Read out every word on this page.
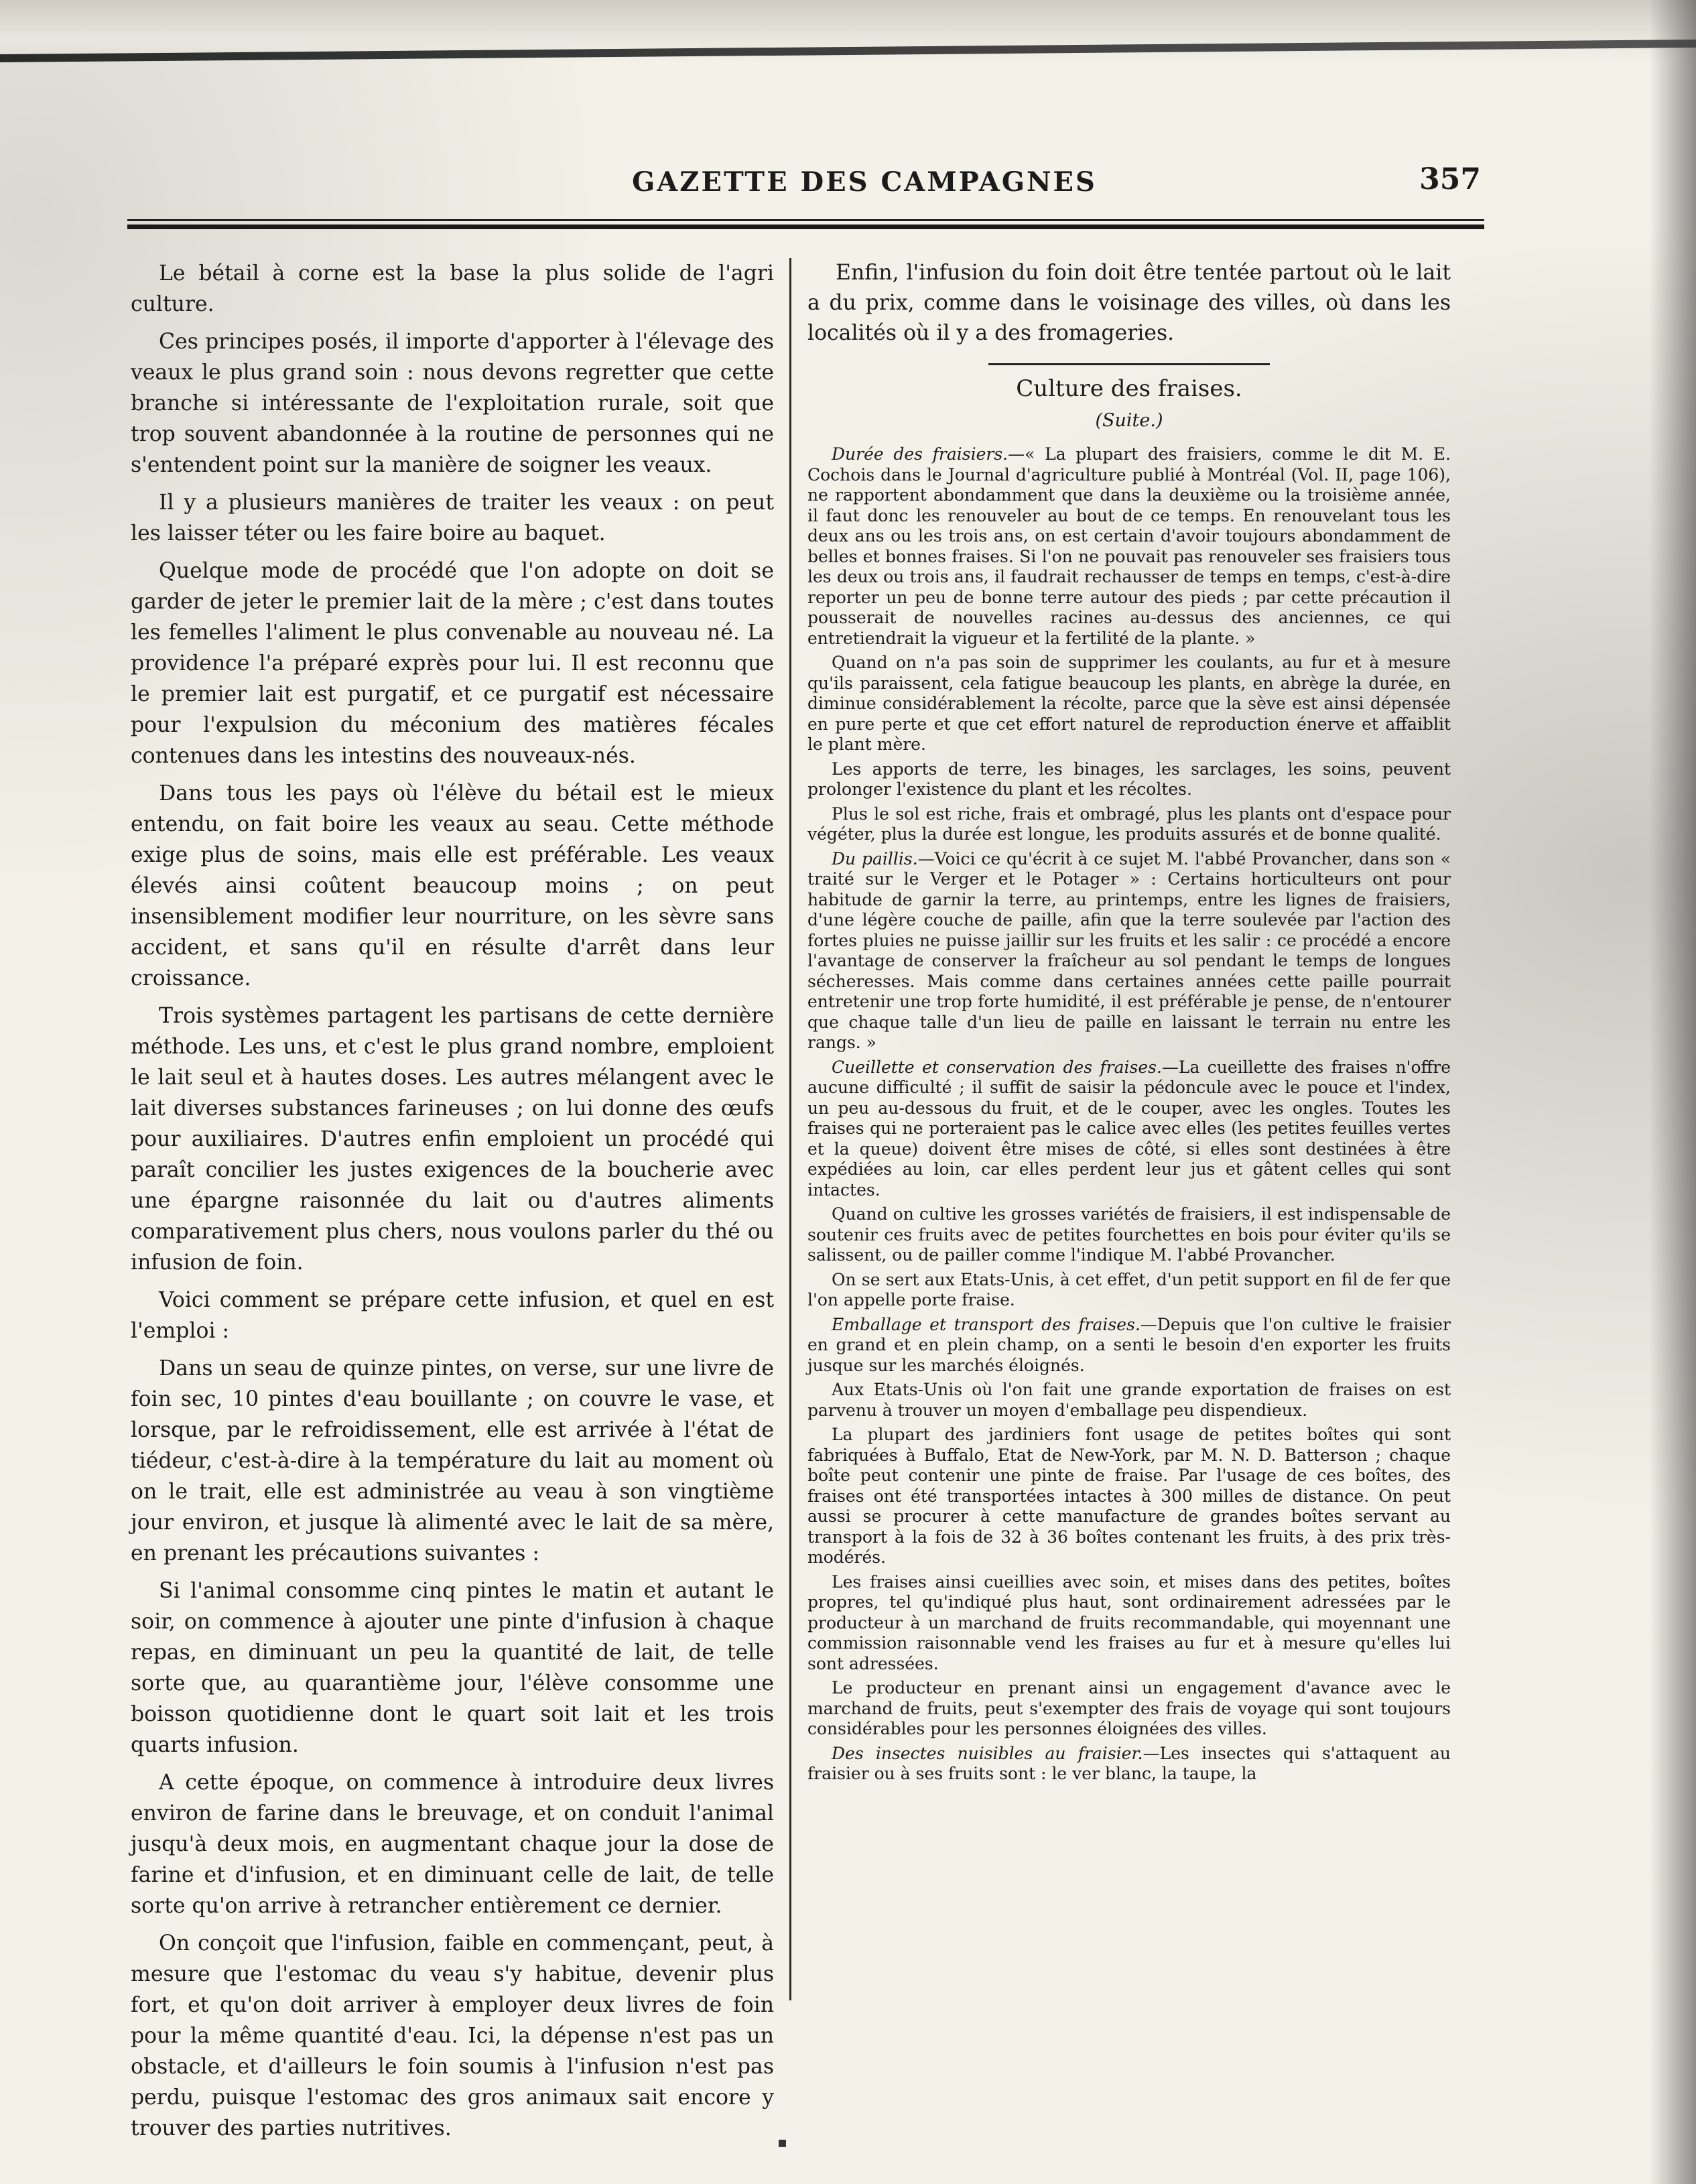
GAZETTE DES CAMPAGNES	357

Le bétail à corne est la base la plus solide de l'agri culture.

Ces principes posés, il importe d'apporter à l'élevage des veaux le plus grand soin : nous devons regretter que cette branche si intéressante de l'exploitation rurale, soit que trop souvent abandonnée à la routine de personnes qui ne s'entendent point sur la manière de soigner les veaux.

Il y a plusieurs manières de traiter les veaux : on peut les laisser téter ou les faire boire au baquet.

Quelque mode de procédé que l'on adopte on doit se garder de jeter le premier lait de la mère ; c'est dans toutes les femelles l'aliment le plus convenable au nouveau né. La providence l'a préparé exprès pour lui. Il est reconnu que le premier lait est purgatif, et ce purgatif est nécessaire pour l'expulsion du méconium des matières fécales contenues dans les intestins des nouveaux-nés.

Dans tous les pays où l'élève du bétail est le mieux entendu, on fait boire les veaux au seau. Cette méthode exige plus de soins, mais elle est préférable. Les veaux élevés ainsi coûtent beaucoup moins ; on peut insensiblement modifier leur nourriture, on les sèvre sans accident, et sans qu'il en résulte d'arrêt dans leur croissance.

Trois systèmes partagent les partisans de cette dernière méthode. Les uns, et c'est le plus grand nombre, emploient le lait seul et à hautes doses. Les autres mélangent avec le lait diverses substances farineuses ; on lui donne des œufs pour auxiliaires. D'autres enfin emploient un procédé qui paraît concilier les justes exigences de la boucherie avec une épargne raisonnée du lait ou d'autres aliments comparativement plus chers, nous voulons parler du thé ou infusion de foin.

Voici comment se prépare cette infusion, et quel en est l'emploi :

Dans un seau de quinze pintes, on verse, sur une livre de foin sec, 10 pintes d'eau bouillante ; on couvre le vase, et lorsque, par le refroidissement, elle est arrivée à l'état de tiédeur, c'est-à-dire à la température du lait au moment où on le trait, elle est administrée au veau à son vingtième jour environ, et jusque là alimenté avec le lait de sa mère, en prenant les précautions suivantes :

Si l'animal consomme cinq pintes le matin et autant le soir, on commence à ajouter une pinte d'infusion à chaque repas, en diminuant un peu la quantité de lait, de telle sorte que, au quarantième jour, l'élève consomme une boisson quotidienne dont le quart soit lait et les trois quarts infusion.

A cette époque, on commence à introduire deux livres environ de farine dans le breuvage, et on conduit l'animal jusqu'à deux mois, en augmentant chaque jour la dose de farine et d'infusion, et en diminuant celle de lait, de telle sorte qu'on arrive à retrancher entièrement ce dernier.

On conçoit que l'infusion, faible en commençant, peut, à mesure que l'estomac du veau s'y habitue, devenir plus fort, et qu'on doit arriver à employer deux livres de foin pour la même quantité d'eau. Ici, la dépense n'est pas un obstacle, et d'ailleurs le foin soumis à l'infusion n'est pas perdu, puisque l'estomac des gros animaux sait encore y trouver des parties nutritives.

Enfin, l'infusion du foin doit être tentée partout où le lait a du prix, comme dans le voisinage des villes, où dans les localités où il y a des fromageries.

Culture des fraises.

(Suite.)

Durée des fraisiers.—« La plupart des fraisiers, comme le dit M. E. Cochois dans le Journal d'agriculture publié à Montréal (Vol. II, page 106), ne rapportent abondamment que dans la deuxième ou la troisième année, il faut donc les renouveler au bout de ce temps. En renouvelant tous les deux ans ou les trois ans, on est certain d'avoir toujours abondamment de belles et bonnes fraises. Si l'on ne pouvait pas renouveler ses fraisiers tous les deux ou trois ans, il faudrait rechausser de temps en temps, c'est-à-dire reporter un peu de bonne terre autour des pieds ; par cette précaution il pousserait de nouvelles racines au-dessus des anciennes, ce qui entretiendrait la vigueur et la fertilité de la plante. »

Quand on n'a pas soin de supprimer les coulants, au fur et à mesure qu'ils paraissent, cela fatigue beaucoup les plants, en abrège la durée, en diminue considérablement la récolte, parce que la sève est ainsi dépensée en pure perte et que cet effort naturel de reproduction énerve et affaiblit le plant mère.

Les apports de terre, les binages, les sarclages, les soins, peuvent prolonger l'existence du plant et les récoltes.

Plus le sol est riche, frais et ombragé, plus les plants ont d'espace pour végéter, plus la durée est longue, les produits assurés et de bonne qualité.

Du paillis.—Voici ce qu'écrit à ce sujet M. l'abbé Provancher, dans son « traité sur le Verger et le Potager » : Certains horticulteurs ont pour habitude de garnir la terre, au printemps, entre les lignes de fraisiers, d'une légère couche de paille, afin que la terre soulevée par l'action des fortes pluies ne puisse jaillir sur les fruits et les salir : ce procédé a encore l'avantage de conserver la fraîcheur au sol pendant le temps de longues sécheresses. Mais comme dans certaines années cette paille pourrait entretenir une trop forte humidité, il est préférable je pense, de n'entourer que chaque talle d'un lieu de paille en laissant le terrain nu entre les rangs. »

Cueillette et conservation des fraises.—La cueillette des fraises n'offre aucune difficulté ; il suffit de saisir la pédoncule avec le pouce et l'index, un peu au-dessous du fruit, et de le couper, avec les ongles. Toutes les fraises qui ne porteraient pas le calice avec elles (les petites feuilles vertes et la queue) doivent être mises de côté, si elles sont destinées à être expédiées au loin, car elles perdent leur jus et gâtent celles qui sont intactes.

Quand on cultive les grosses variétés de fraisiers, il est indispensable de soutenir ces fruits avec de petites fourchettes en bois pour éviter qu'ils se salissent, ou de pailler comme l'indique M. l'abbé Provancher.

On se sert aux Etats-Unis, à cet effet, d'un petit support en fil de fer que l'on appelle porte fraise.

Emballage et transport des fraises.—Depuis que l'on cultive le fraisier en grand et en plein champ, on a senti le besoin d'en exporter les fruits jusque sur les marchés éloignés.

Aux Etats-Unis où l'on fait une grande exportation de fraises on est parvenu à trouver un moyen d'emballage peu dispendieux.

La plupart des jardiniers font usage de petites boîtes qui sont fabriquées à Buffalo, Etat de New-York, par M. N. D. Batterson ; chaque boîte peut contenir une pinte de fraise. Par l'usage de ces boîtes, des fraises ont été transportées intactes à 300 milles de distance. On peut aussi se procurer à cette manufacture de grandes boîtes servant au transport à la fois de 32 à 36 boîtes contenant les fruits, à des prix très-modérés.

Les fraises ainsi cueillies avec soin, et mises dans des petites, boîtes propres, tel qu'indiqué plus haut, sont ordinairement adressées par le producteur à un marchand de fruits recommandable, qui moyennant une commission raisonnable vend les fraises au fur et à mesure qu'elles lui sont adressées.

Le producteur en prenant ainsi un engagement d'avance avec le marchand de fruits, peut s'exempter des frais de voyage qui sont toujours considérables pour les personnes éloignées des villes.

Des insectes nuisibles au fraisier.—Les insectes qui s'attaquent au fraisier ou à ses fruits sont : le ver blanc, la taupe, la

▪
